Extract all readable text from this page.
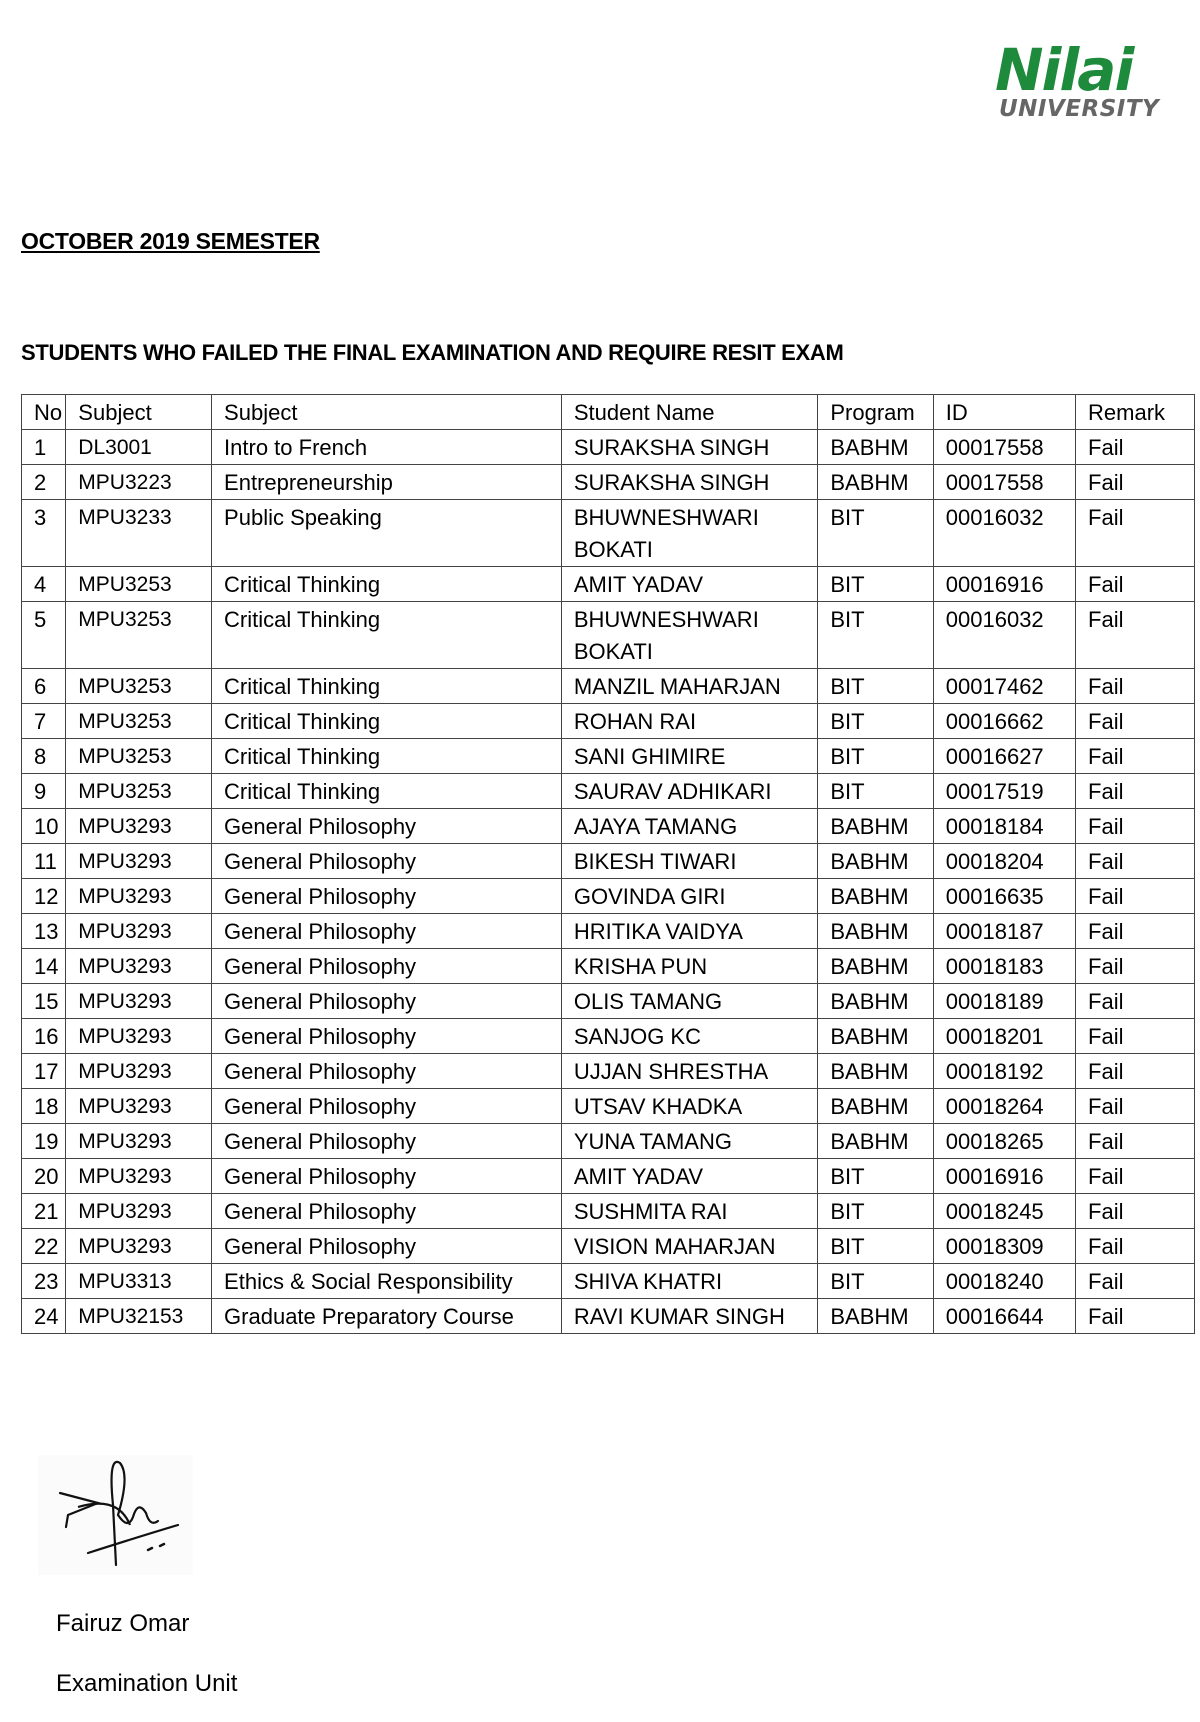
Nilai
UNIVERSITY
OCTOBER 2019 SEMESTER
STUDENTS WHO FAILED THE FINAL EXAMINATION AND REQUIRE RESIT EXAM
No	Subject	Subject	Student Name	Program	ID	Remark
1	DL3001	Intro to French	SURAKSHA SINGH	BABHM	00017558	Fail
2	MPU3223	Entrepreneurship	SURAKSHA SINGH	BABHM	00017558	Fail
3	MPU3233	Public Speaking	BHUWNESHWARI BOKATI	BIT	00016032	Fail
4	MPU3253	Critical Thinking	AMIT YADAV	BIT	00016916	Fail
5	MPU3253	Critical Thinking	BHUWNESHWARI BOKATI	BIT	00016032	Fail
6	MPU3253	Critical Thinking	MANZIL MAHARJAN	BIT	00017462	Fail
7	MPU3253	Critical Thinking	ROHAN RAI	BIT	00016662	Fail
8	MPU3253	Critical Thinking	SANI GHIMIRE	BIT	00016627	Fail
9	MPU3253	Critical Thinking	SAURAV ADHIKARI	BIT	00017519	Fail
10	MPU3293	General Philosophy	AJAYA TAMANG	BABHM	00018184	Fail
11	MPU3293	General Philosophy	BIKESH TIWARI	BABHM	00018204	Fail
12	MPU3293	General Philosophy	GOVINDA GIRI	BABHM	00016635	Fail
13	MPU3293	General Philosophy	HRITIKA VAIDYA	BABHM	00018187	Fail
14	MPU3293	General Philosophy	KRISHA PUN	BABHM	00018183	Fail
15	MPU3293	General Philosophy	OLIS TAMANG	BABHM	00018189	Fail
16	MPU3293	General Philosophy	SANJOG KC	BABHM	00018201	Fail
17	MPU3293	General Philosophy	UJJAN SHRESTHA	BABHM	00018192	Fail
18	MPU3293	General Philosophy	UTSAV KHADKA	BABHM	00018264	Fail
19	MPU3293	General Philosophy	YUNA TAMANG	BABHM	00018265	Fail
20	MPU3293	General Philosophy	AMIT YADAV	BIT	00016916	Fail
21	MPU3293	General Philosophy	SUSHMITA RAI	BIT	00018245	Fail
22	MPU3293	General Philosophy	VISION MAHARJAN	BIT	00018309	Fail
23	MPU3313	Ethics & Social Responsibility	SHIVA KHATRI	BIT	00018240	Fail
24	MPU32153	Graduate Preparatory Course	RAVI KUMAR SINGH	BABHM	00016644	Fail
Fairuz Omar
Examination Unit
